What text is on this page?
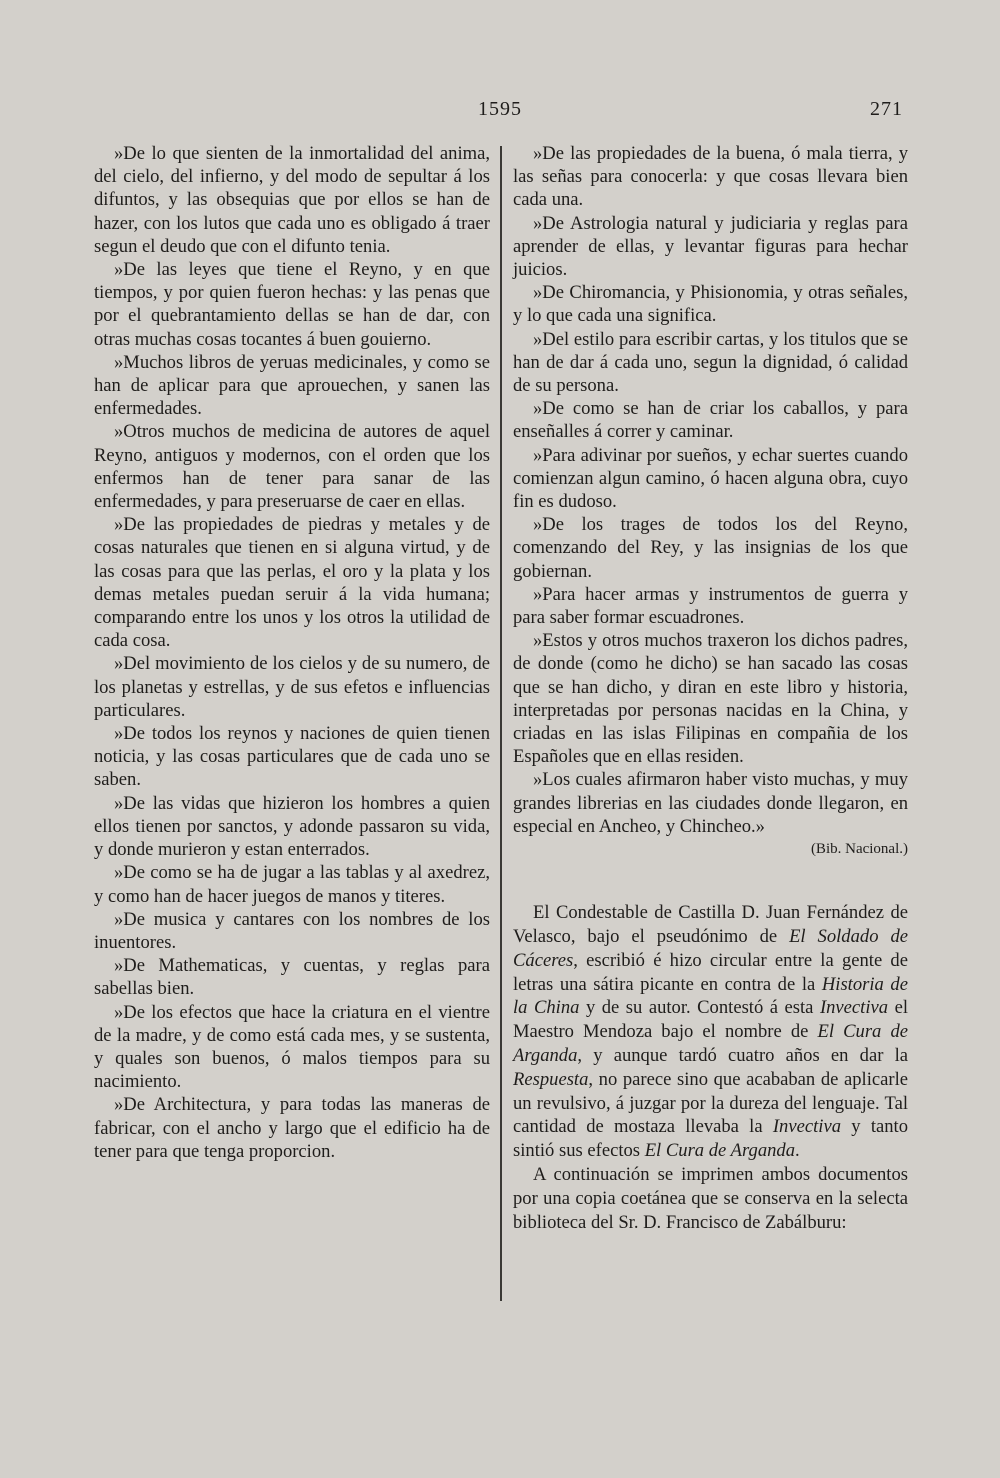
1595	271

»De lo que sienten de la inmortalidad del anima, del cielo, del infierno, y del modo de sepultar á los difuntos, y las obsequias que por ellos se han de hazer, con los lutos que cada uno es obligado á traer segun el deudo que con el difunto tenia.

»De las leyes que tiene el Reyno, y en que tiempos, y por quien fueron hechas: y las penas que por el quebrantamiento dellas se han de dar, con otras muchas cosas tocantes á buen gouierno.

»Muchos libros de yeruas medicinales, y como se han de aplicar para que aprouechen, y sanen las enfermedades.

»Otros muchos de medicina de autores de aquel Reyno, antiguos y modernos, con el orden que los enfermos han de tener para sanar de las enfermedades, y para preseruarse de caer en ellas.

»De las propiedades de piedras y metales y de cosas naturales que tienen en si alguna virtud, y de las cosas para que las perlas, el oro y la plata y los demas metales puedan seruir á la vida humana; comparando entre los unos y los otros la utilidad de cada cosa.

»Del movimiento de los cielos y de su numero, de los planetas y estrellas, y de sus efetos e influencias particulares.

»De todos los reynos y naciones de quien tienen noticia, y las cosas particulares que de cada uno se saben.

»De las vidas que hizieron los hombres a quien ellos tienen por sanctos, y adonde passaron su vida, y donde murieron y estan enterrados.

»De como se ha de jugar a las tablas y al axedrez, y como han de hacer juegos de manos y titeres.

»De musica y cantares con los nombres de los inuentores.

»De Mathematicas, y cuentas, y reglas para sabellas bien.

»De los efectos que hace la criatura en el vientre de la madre, y de como está cada mes, y se sustenta, y quales son buenos, ó malos tiempos para su nacimiento.

»De Architectura, y para todas las maneras de fabricar, con el ancho y largo que el edificio ha de tener para que tenga proporcion.

»De las propiedades de la buena, ó mala tierra, y las señas para conocerla: y que cosas llevara bien cada una.

»De Astrologia natural y judiciaria y reglas para aprender de ellas, y levantar figuras para hechar juicios.

»De Chiromancia, y Phisionomia, y otras señales, y lo que cada una significa.

»Del estilo para escribir cartas, y los titulos que se han de dar á cada uno, segun la dignidad, ó calidad de su persona.

»De como se han de criar los caballos, y para enseñalles á correr y caminar.

»Para adivinar por sueños, y echar suertes cuando comienzan algun camino, ó hacen alguna obra, cuyo fin es dudoso.

»De los trages de todos los del Reyno, comenzando del Rey, y las insignias de los que gobiernan.

»Para hacer armas y instrumentos de guerra y para saber formar escuadrones.

»Estos y otros muchos traxeron los dichos padres, de donde (como he dicho) se han sacado las cosas que se han dicho, y diran en este libro y historia, interpretadas por personas nacidas en la China, y criadas en las islas Filipinas en compañia de los Españoles que en ellas residen.

»Los cuales afirmaron haber visto muchas, y muy grandes librerias en las ciudades donde llegaron, en especial en Ancheo, y Chincheo.»

(Bib. Nacional.)

El Condestable de Castilla D. Juan Fernández de Velasco, bajo el pseudónimo de El Soldado de Cáceres, escribió é hizo circular entre la gente de letras una sátira picante en contra de la Historia de la China y de su autor. Contestó á esta Invectiva el Maestro Mendoza bajo el nombre de El Cura de Arganda, y aunque tardó cuatro años en dar la Respuesta, no parece sino que acababan de aplicarle un revulsivo, á juzgar por la dureza del lenguaje. Tal cantidad de mostaza llevaba la Invectiva y tanto sintió sus efectos El Cura de Arganda.

A continuación se imprimen ambos documentos por una copia coetánea que se conserva en la selecta biblioteca del Sr. D. Francisco de Zabálburu:
